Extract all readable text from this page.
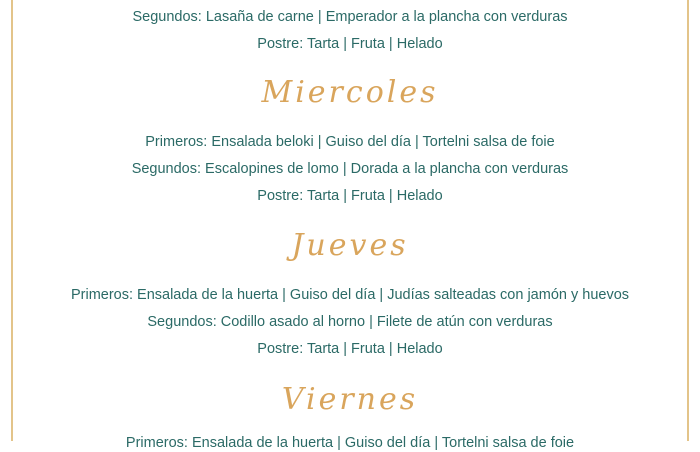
Segundos: Lasaña de carne | Emperador a la plancha con verduras
Postre: Tarta | Fruta | Helado
Miercoles
Primeros: Ensalada beloki | Guiso del día | Tortelni salsa de foie
Segundos: Escalopines de lomo | Dorada a la plancha con verduras
Postre: Tarta | Fruta | Helado
Jueves
Primeros: Ensalada de la huerta | Guiso del día | Judías salteadas con jamón y huevos
Segundos: Codillo asado al horno | Filete de atún con verduras
Postre: Tarta | Fruta | Helado
Viernes
Primeros: Ensalada de la huerta | Guiso del día | Tortelni salsa de foie
